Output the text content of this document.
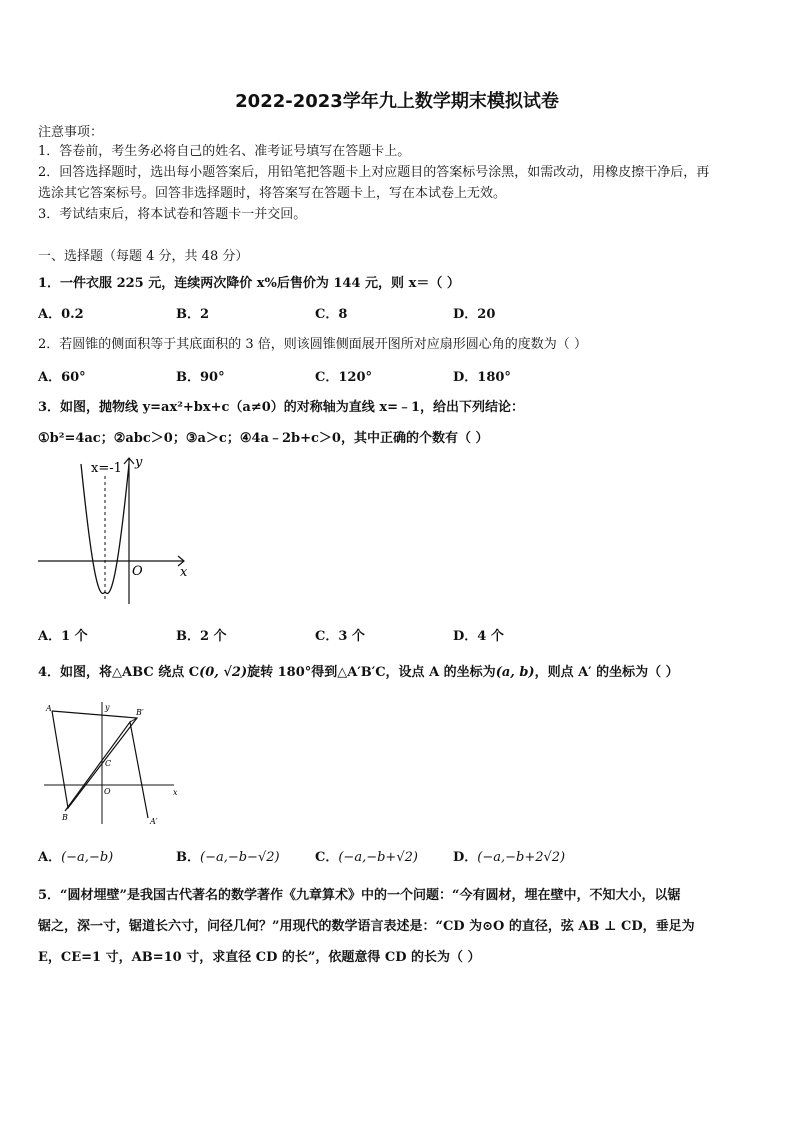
2022-2023学年九上数学期末模拟试卷
注意事项：
1．答卷前，考生务必将自己的姓名、准考证号填写在答题卡上。
2．回答选择题时，选出每小题答案后，用铅笔把答题卡上对应题目的答案标号涂黑，如需改动，用橡皮擦干净后，再
选涂其它答案标号。回答非选择题时，将答案写在答题卡上，写在本试卷上无效。
3．考试结束后，将本试卷和答题卡一并交回。
一、选择题（每题 4 分，共 48 分）
1．一件衣服 225 元，连续两次降价 x%后售价为 144 元，则 x＝（ ）
A．0.2	B．2	C．8	D．20
2．若圆锥的侧面积等于其底面积的 3 倍，则该圆锥侧面展开图所对应扇形圆心角的度数为（ ）
A．60°	B．90°	C．120°	D．180°
3．如图，抛物线 y=ax²+bx+c（a≠0）的对称轴为直线 x=﹣1，给出下列结论：
①b²=4ac；②abc＞0；③a＞c；④4a﹣2b+c＞0，其中正确的个数有（ ）
x=-1 y
x
O
A．1 个	B．2 个	C．3 个	D．4 个
4．如图，将△ABC 绕点 C(0, √2)旋转 180°得到△A′B′C，设点 A 的坐标为(a, b)，则点 A′ 的坐标为（ ）
A
B
C
A′
B′
O	x
y
A．(−a,−b)	B．(−a,−b−√2)	C．(−a,−b+√2)	D．(−a,−b+2√2)
5．“圆材埋壁”是我国古代著名的数学著作《九章算术》中的一个问题：“今有圆材，埋在壁中，不知大小，以锯
锯之，深一寸，锯道长六寸，问径几何？”用现代的数学语言表述是：“CD 为⊙O 的直径，弦 AB ⊥ CD，垂足为
E，CE=1 寸，AB=10 寸，求直径 CD 的长”，依题意得 CD 的长为（ ）
